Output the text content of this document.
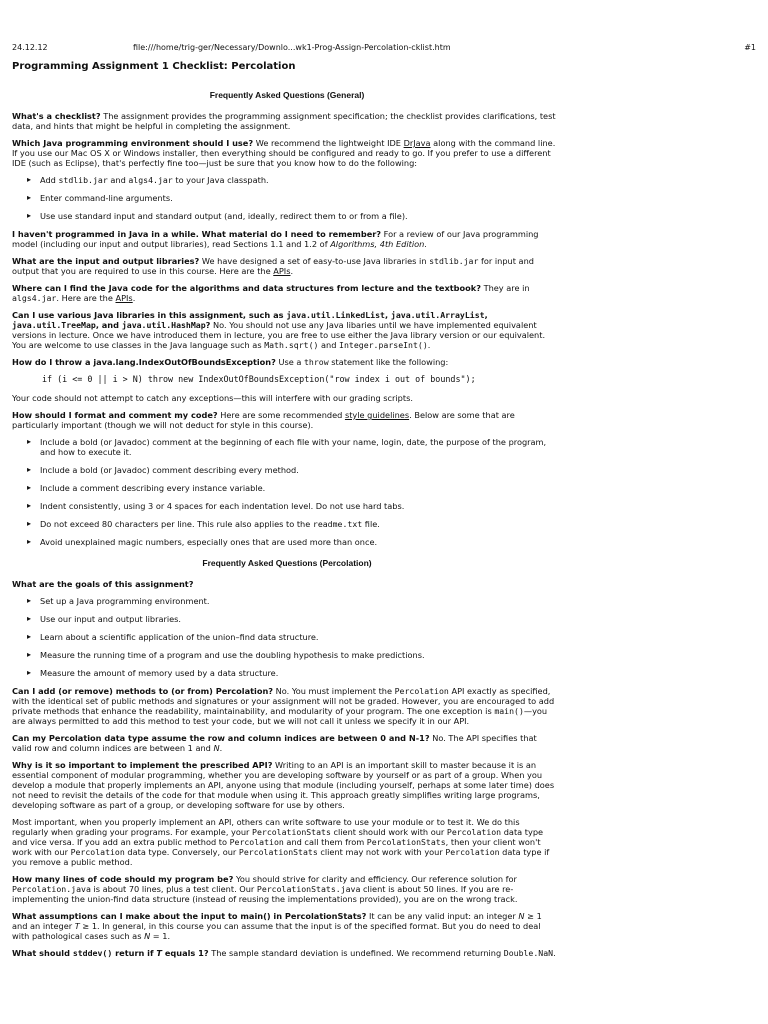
24.12.12	file:///home/trig-ger/Necessary/Downlo...wk1-Prog-Assign-Percolation-cklist.htm	#1
Programming Assignment 1 Checklist: Percolation
Frequently Asked Questions (General)

What's a checklist? The assignment provides the programming assignment specification; the checklist provides clarifications, test data, and hints that might be helpful in completing the assignment.

Which Java programming environment should I use? We recommend the lightweight IDE DrJava along with the command line. If you use our Mac OS X or Windows installer, then everything should be configured and ready to go. If you prefer to use a different IDE (such as Eclipse), that's perfectly fine too—just be sure that you know how to do the following:

▸ Add stdlib.jar and algs4.jar to your Java classpath.
▸ Enter command-line arguments.
▸ Use use standard input and standard output (and, ideally, redirect them to or from a file).

I haven't programmed in Java in a while. What material do I need to remember? For a review of our Java programming model (including our input and output libraries), read Sections 1.1 and 1.2 of Algorithms, 4th Edition.

What are the input and output libraries? We have designed a set of easy-to-use Java libraries in stdlib.jar for input and output that you are required to use in this course. Here are the APIs.

Where can I find the Java code for the algorithms and data structures from lecture and the textbook? They are in algs4.jar. Here are the APIs.

Can I use various Java libraries in this assignment, such as java.util.LinkedList, java.util.ArrayList, java.util.TreeMap, and java.util.HashMap? No. You should not use any Java libaries until we have implemented equivalent versions in lecture. Once we have introduced them in lecture, you are free to use either the Java library version or our equivalent. You are welcome to use classes in the Java language such as Math.sqrt() and Integer.parseInt().

How do I throw a java.lang.IndexOutOfBoundsException? Use a throw statement like the following:

if (i <= 0 || i > N) throw new IndexOutOfBoundsException("row index i out of bounds");

Your code should not attempt to catch any exceptions—this will interfere with our grading scripts.

How should I format and comment my code? Here are some recommended style guidelines. Below are some that are particularly important (though we will not deduct for style in this course).

▸ Include a bold (or Javadoc) comment at the beginning of each file with your name, login, date, the purpose of the program, and how to execute it.
▸ Include a bold (or Javadoc) comment describing every method.
▸ Include a comment describing every instance variable.
▸ Indent consistently, using 3 or 4 spaces for each indentation level. Do not use hard tabs.
▸ Do not exceed 80 characters per line. This rule also applies to the readme.txt file.
▸ Avoid unexplained magic numbers, especially ones that are used more than once.
Frequently Asked Questions (Percolation)

What are the goals of this assignment?

▸ Set up a Java programming environment.
▸ Use our input and output libraries.
▸ Learn about a scientific application of the union–find data structure.
▸ Measure the running time of a program and use the doubling hypothesis to make predictions.
▸ Measure the amount of memory used by a data structure.

Can I add (or remove) methods to (or from) Percolation? No. You must implement the Percolation API exactly as specified, with the identical set of public methods and signatures or your assignment will not be graded. However, you are encouraged to add private methods that enhance the readability, maintainability, and modularity of your program. The one exception is main()—you are always permitted to add this method to test your code, but we will not call it unless we specify it in our API.

Can my Percolation data type assume the row and column indices are between 0 and N-1? No. The API specifies that valid row and column indices are between 1 and N.

Why is it so important to implement the prescribed API? Writing to an API is an important skill to master because it is an essential component of modular programming, whether you are developing software by yourself or as part of a group. When you develop a module that properly implements an API, anyone using that module (including yourself, perhaps at some later time) does not need to revisit the details of the code for that module when using it. This approach greatly simplifies writing large programs, developing software as part of a group, or developing software for use by others.

Most important, when you properly implement an API, others can write software to use your module or to test it. We do this regularly when grading your programs. For example, your PercolationStats client should work with our Percolation data type and vice versa. If you add an extra public method to Percolation and call them from PercolationStats, then your client won't work with our Percolation data type. Conversely, our PercolationStats client may not work with your Percolation data type if you remove a public method.

How many lines of code should my program be? You should strive for clarity and efficiency. Our reference solution for Percolation.java is about 70 lines, plus a test client. Our PercolationStats.java client is about 50 lines. If you are re-implementing the union-find data structure (instead of reusing the implementations provided), you are on the wrong track.

What assumptions can I make about the input to main() in PercolationStats? It can be any valid input: an integer N ≥ 1 and an integer T ≥ 1. In general, in this course you can assume that the input is of the specified format. But you do need to deal with pathological cases such as N = 1.

What should stddev() return if T equals 1? The sample standard deviation is undefined. We recommend returning Double.NaN.
